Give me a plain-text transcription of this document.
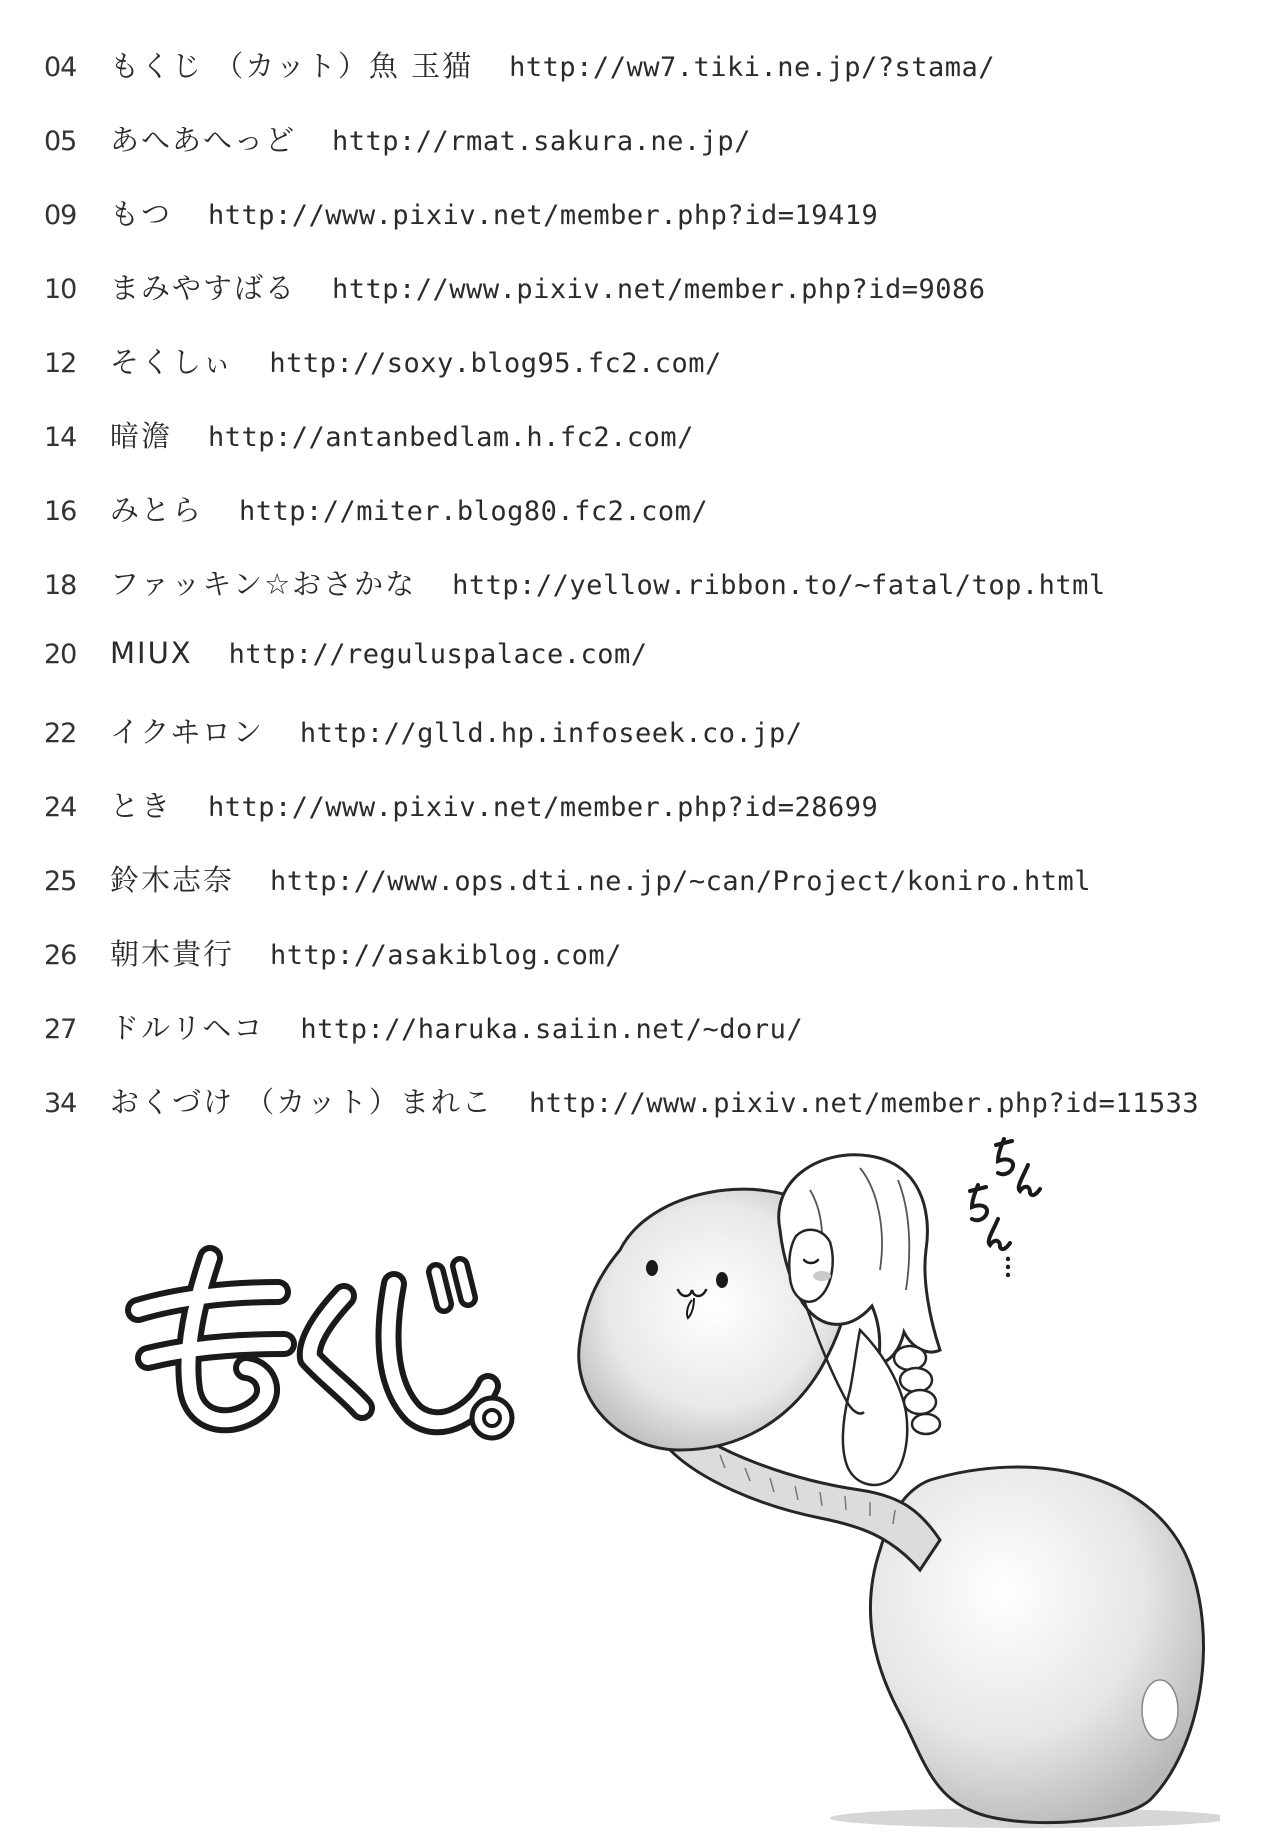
04	もくじ （カット）魚 玉猫 http://ww7.tiki.ne.jp/?stama/
05	あへあへっど http://rmat.sakura.ne.jp/
09	もつ http://www.pixiv.net/member.php?id=19419
10	まみやすばる http://www.pixiv.net/member.php?id=9086
12	そくしぃ http://soxy.blog95.fc2.com/
14	暗澹 http://antanbedlam.h.fc2.com/
16	みとら http://miter.blog80.fc2.com/
18	ファッキン☆おさかな http://yellow.ribbon.to/~fatal/top.html
20	MIUX http://reguluspalace.com/
22	イクヰロン http://glld.hp.infoseek.co.jp/
24	とき http://www.pixiv.net/member.php?id=28699
25	鈴木志奈 http://www.ops.dti.ne.jp/~can/Project/koniro.html
26	朝木貴行 http://asakiblog.com/
27	ドルリヘコ http://haruka.saiin.net/~doru/
34	おくづけ （カット）まれこ http://www.pixiv.net/member.php?id=11533
